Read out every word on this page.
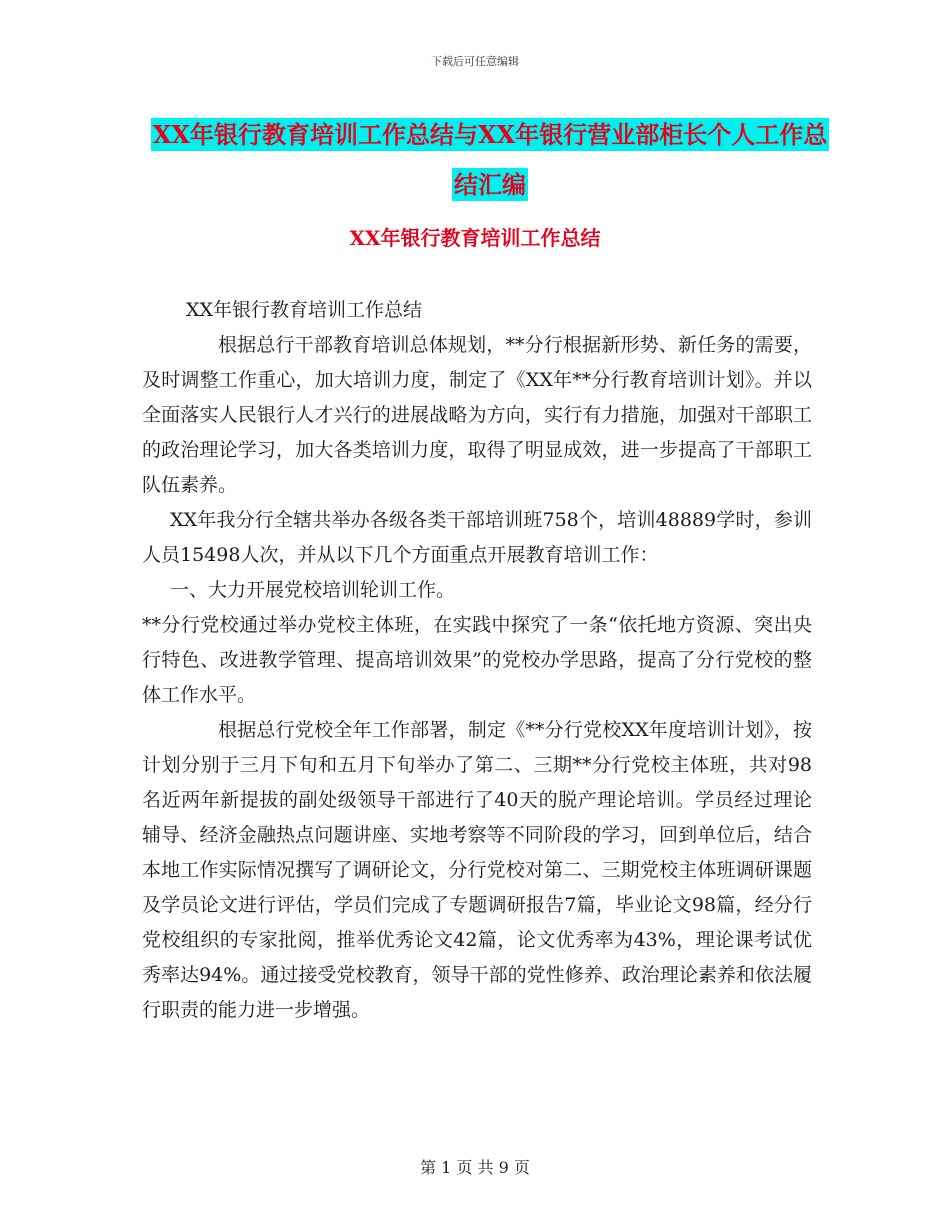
下载后可任意编辑
XX年银行教育培训工作总结与XX年银行营业部柜长个人工作总结汇编
XX年银行教育培训工作总结

XX年银行教育培训工作总结

根据总行干部教育培训总体规划，**分行根据新形势、新任务的需要，及时调整工作重心，加大培训力度，制定了《XX年**分行教育培训计划》。并以全面落实人民银行人才兴行的进展战略为方向，实行有力措施，加强对干部职工的政治理论学习，加大各类培训力度，取得了明显成效，进一步提高了干部职工队伍素养。

XX年我分行全辖共举办各级各类干部培训班758个，培训48889学时，参训人员15498人次，并从以下几个方面重点开展教育培训工作：

一、大力开展党校培训轮训工作。

**分行党校通过举办党校主体班，在实践中探究了一条“依托地方资源、突出央行特色、改进教学管理、提高培训效果”的党校办学思路，提高了分行党校的整体工作水平。

根据总行党校全年工作部署，制定《**分行党校XX年度培训计划》，按计划分别于三月下旬和五月下旬举办了第二、三期**分行党校主体班，共对98名近两年新提拔的副处级领导干部进行了40天的脱产理论培训。学员经过理论辅导、经济金融热点问题讲座、实地考察等不同阶段的学习，回到单位后，结合本地工作实际情况撰写了调研论文，分行党校对第二、三期党校主体班调研课题及学员论文进行评估，学员们完成了专题调研报告7篇，毕业论文98篇，经分行党校组织的专家批阅，推举优秀论文42篇，论文优秀率为43%，理论课考试优秀率达94%。通过接受党校教育，领导干部的党性修养、政治理论素养和依法履行职责的能力进一步增强。

第 1 页 共 9 页
